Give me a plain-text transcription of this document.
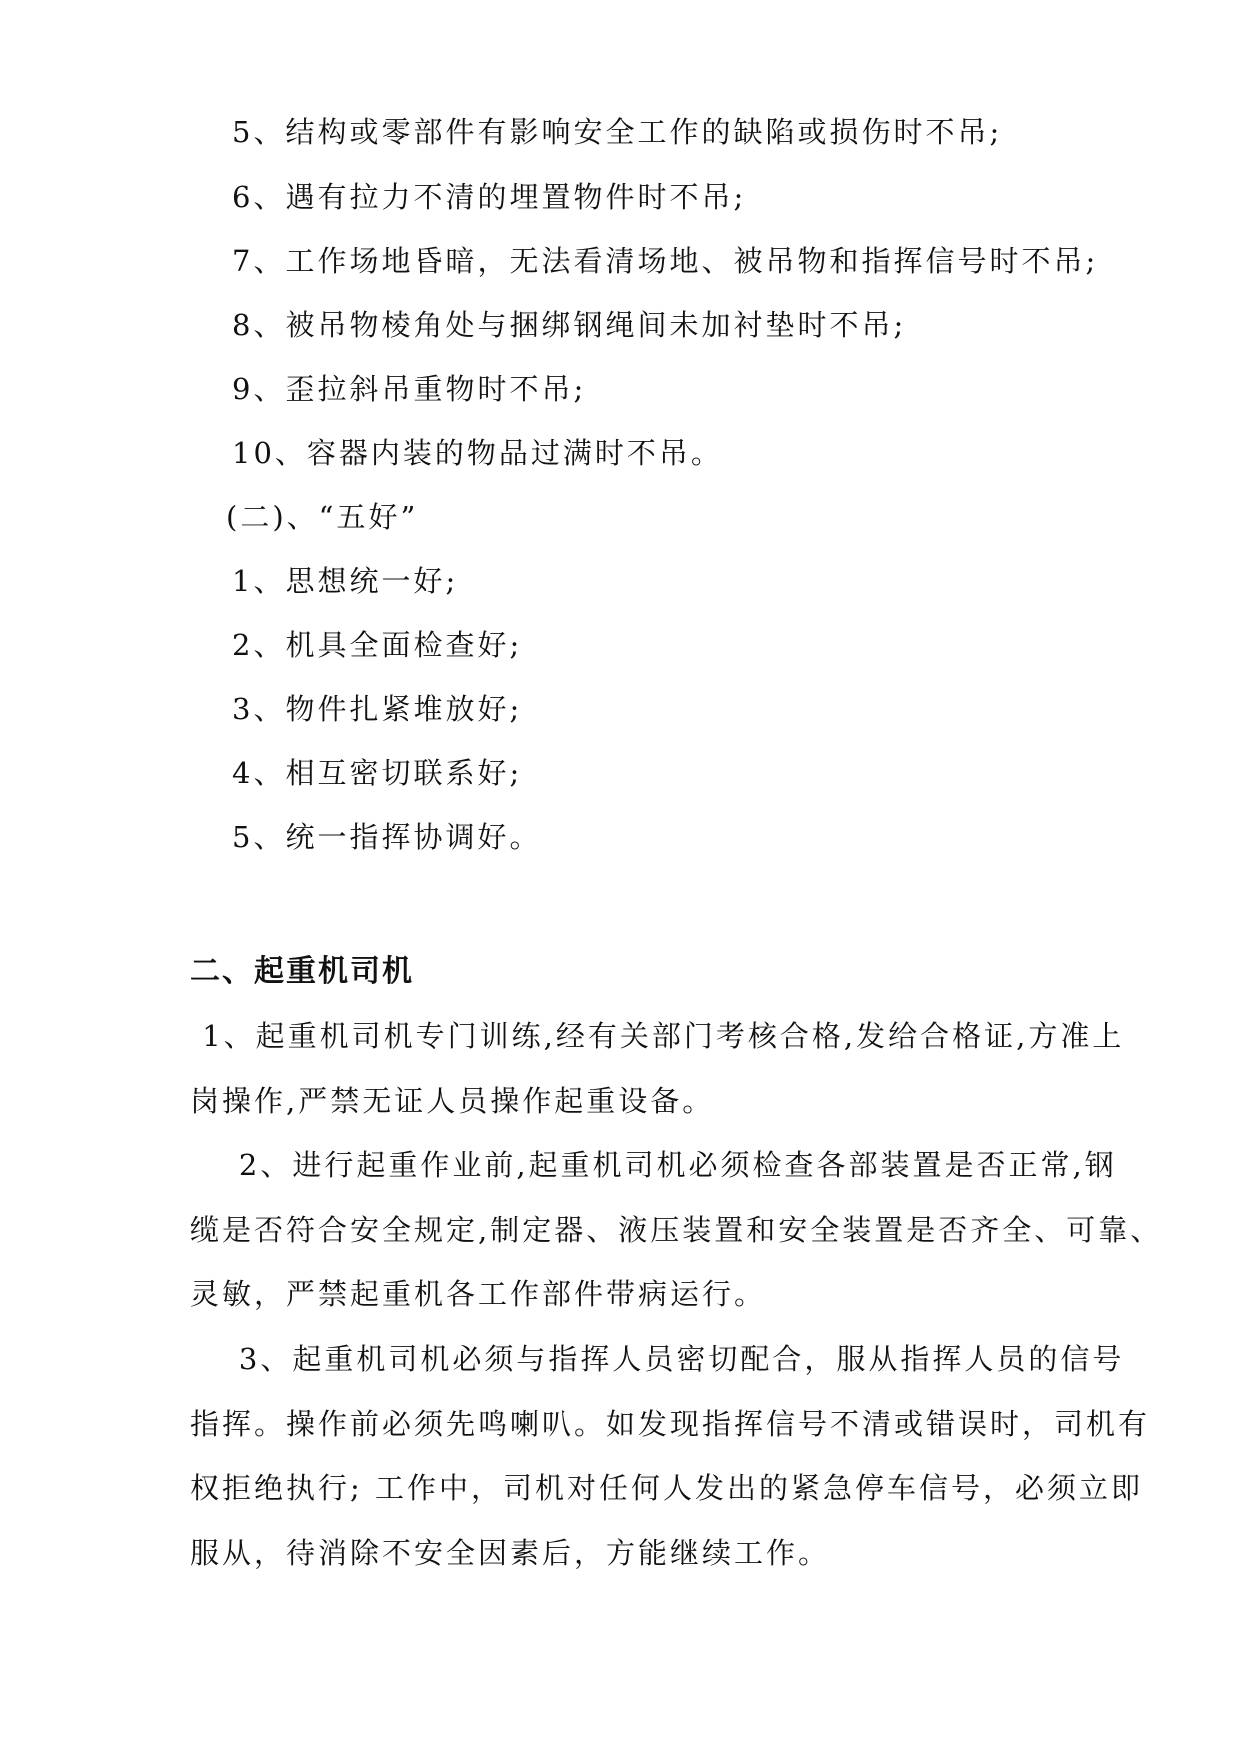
5、结构或零部件有影响安全工作的缺陷或损伤时不吊;
6、遇有拉力不清的埋置物件时不吊;
7、工作场地昏暗，无法看清场地、被吊物和指挥信号时不吊;
8、被吊物棱角处与捆绑钢绳间未加衬垫时不吊;
9、歪拉斜吊重物时不吊;
10、容器内装的物品过满时不吊。
(二)、“五好”
1、思想统一好;
2、机具全面检查好;
3、物件扎紧堆放好;
4、相互密切联系好;
5、统一指挥协调好。
二、起重机司机
1、起重机司机专门训练,经有关部门考核合格,发给合格证,方准上
岗操作,严禁无证人员操作起重设备。
2、进行起重作业前,起重机司机必须检查各部装置是否正常,钢
缆是否符合安全规定,制定器、液压装置和安全装置是否齐全、可靠、
灵敏，严禁起重机各工作部件带病运行。
3、起重机司机必须与指挥人员密切配合，服从指挥人员的信号
指挥。操作前必须先鸣喇叭。如发现指挥信号不清或错误时，司机有
权拒绝执行; 工作中，司机对任何人发出的紧急停车信号，必须立即
服从，待消除不安全因素后，方能继续工作。
